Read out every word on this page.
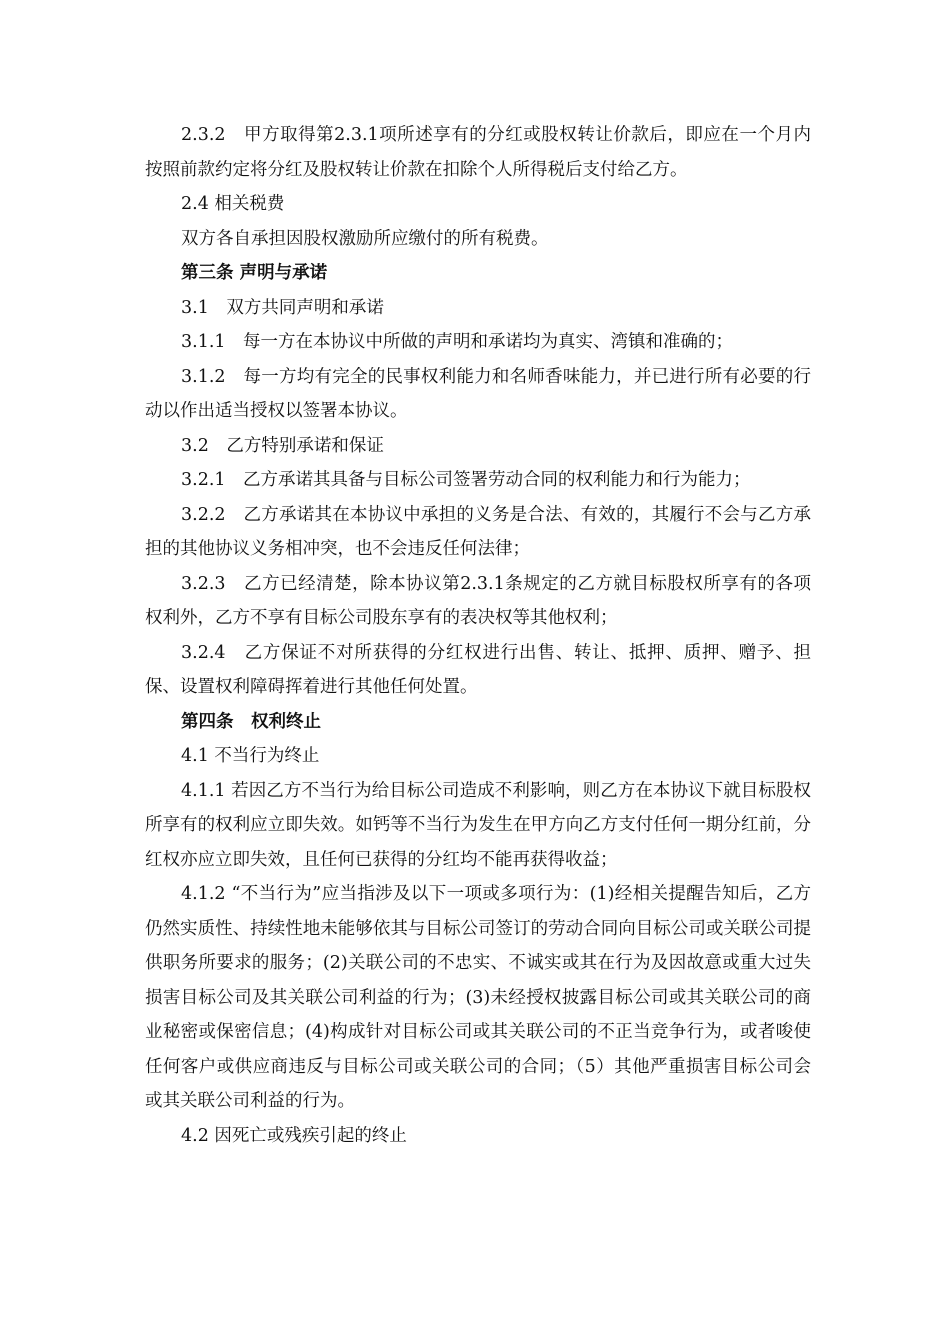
2.3.2　甲方取得第2.3.1项所述享有的分红或股权转让价款后，即应在一个月内按照前款约定将分红及股权转让价款在扣除个人所得税后支付给乙方。

2.4 相关税费

双方各自承担因股权激励所应缴付的所有税费。

第三条 声明与承诺

3.1　双方共同声明和承诺

3.1.1　每一方在本协议中所做的声明和承诺均为真实、湾镇和准确的；

3.1.2　每一方均有完全的民事权利能力和名师香味能力，并已进行所有必要的行动以作出适当授权以签署本协议。

3.2　乙方特别承诺和保证

3.2.1　乙方承诺其具备与目标公司签署劳动合同的权利能力和行为能力；

3.2.2　乙方承诺其在本协议中承担的义务是合法、有效的，其履行不会与乙方承担的其他协议义务相冲突，也不会违反任何法律；

3.2.3　乙方已经清楚，除本协议第2.3.1条规定的乙方就目标股权所享有的各项权利外，乙方不享有目标公司股东享有的表决权等其他权利；

3.2.4　乙方保证不对所获得的分红权进行出售、转让、抵押、质押、赠予、担保、设置权利障碍挥着进行其他任何处置。

第四条　权利终止

4.1 不当行为终止

4.1.1 若因乙方不当行为给目标公司造成不利影响，则乙方在本协议下就目标股权所享有的权利应立即失效。如钙等不当行为发生在甲方向乙方支付任何一期分红前，分红权亦应立即失效，且任何已获得的分红均不能再获得收益；

4.1.2 “不当行为”应当指涉及以下一项或多项行为：(1)经相关提醒告知后，乙方仍然实质性、持续性地未能够依其与目标公司签订的劳动合同向目标公司或关联公司提供职务所要求的服务；(2)关联公司的不忠实、不诚实或其在行为及因故意或重大过失损害目标公司及其关联公司利益的行为；(3)未经授权披露目标公司或其关联公司的商业秘密或保密信息；(4)构成针对目标公司或其关联公司的不正当竞争行为，或者唆使任何客户或供应商违反与目标公司或关联公司的合同；（5）其他严重损害目标公司会或其关联公司利益的行为。

4.2 因死亡或残疾引起的终止
